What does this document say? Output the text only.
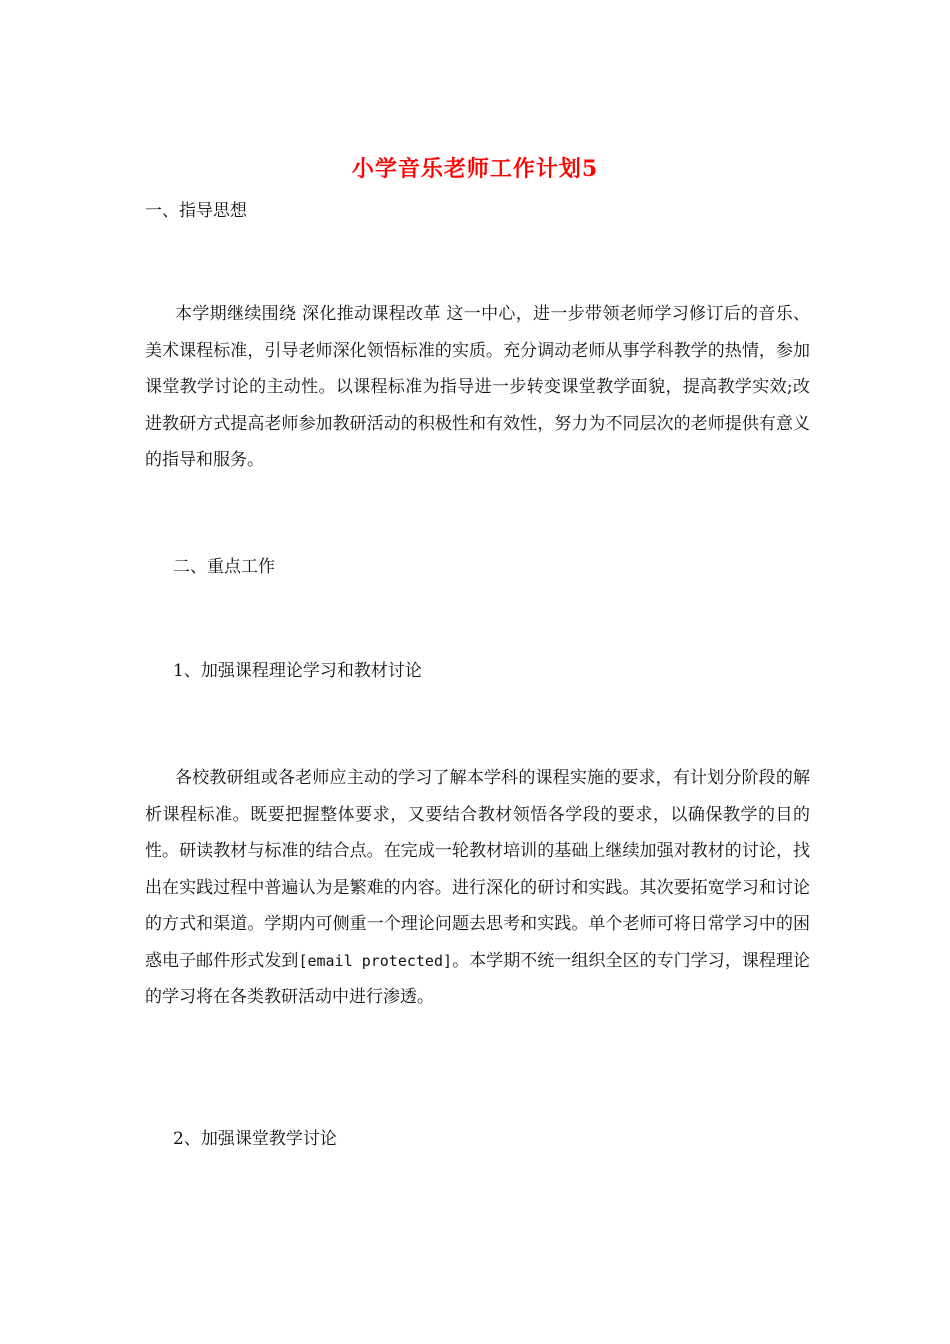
小学音乐老师工作计划5
一、指导思想
本学期继续围绕 深化推动课程改革 这一中心，进一步带领老师学习修订后的音乐、美术课程标准，引导老师深化领悟标准的实质。充分调动老师从事学科教学的热情，参加课堂教学讨论的主动性。以课程标准为指导进一步转变课堂教学面貌，提高教学实效;改进教研方式提高老师参加教研活动的积极性和有效性，努力为不同层次的老师提供有意义的指导和服务。
二、重点工作
1、加强课程理论学习和教材讨论
各校教研组或各老师应主动的学习了解本学科的课程实施的要求，有计划分阶段的解析课程标准。既要把握整体要求，又要结合教材领悟各学段的要求，以确保教学的目的性。研读教材与标准的结合点。在完成一轮教材培训的基础上继续加强对教材的讨论，找出在实践过程中普遍认为是繁难的内容。进行深化的研讨和实践。其次要拓宽学习和讨论的方式和渠道。学期内可侧重一个理论问题去思考和实践。单个老师可将日常学习中的困惑电子邮件形式发到[email protected]。本学期不统一组织全区的专门学习，课程理论的学习将在各类教研活动中进行渗透。
2、加强课堂教学讨论
